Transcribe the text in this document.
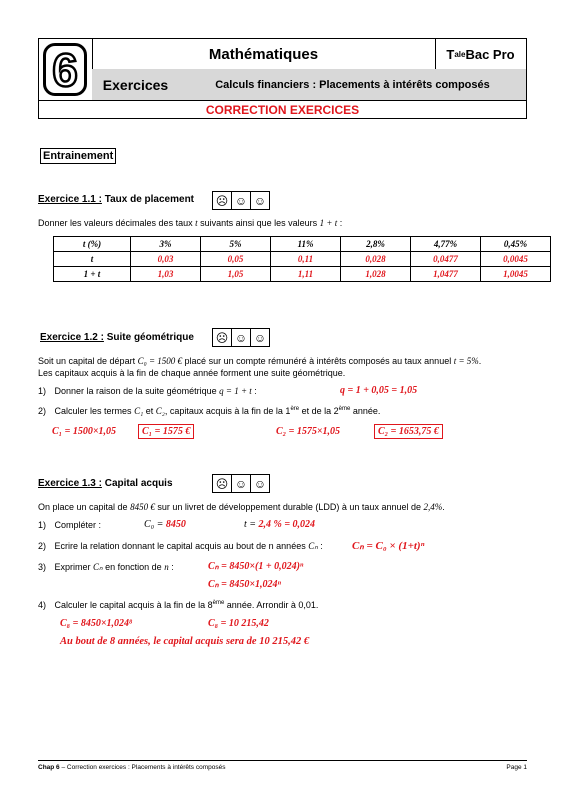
6	Mathématiques	T ale Bac Pro
Exercices	Calculs financiers : Placements à intérêts composés
CORRECTION EXERCICES
Entrainement
Exercice 1.1 : Taux de placement ☹ ☺ ☺
Donner les valeurs décimales des taux t suivants ainsi que les valeurs 1 + t :
t (%)	3%	5%	11%	2,8%	4,77%	0,45%
t	0,03	0,05	0,11	0,028	0,0477	0,0045
1 + t	1,03	1,05	1,11	1,028	1,0477	1,0045
Exercice 1.2 : Suite géométrique ☹ ☺ ☺
Soit un capital de départ C₀ = 1500 € placé sur un compte rémunéré à intérêts composés au taux annuel t = 5%.
Les capitaux acquis à la fin de chaque année forment une suite géométrique.
1) Donner la raison de la suite géométrique q = 1 + t :	q = 1 + 0,05 = 1,05
2) Calculer les termes C₁ et C₂, capitaux acquis à la fin de la 1ère et de la 2ème année.
C₁ = 1500×1,05	C₁ = 1575 €	C₂ = 1575×1,05	C₂ = 1653,75 €
Exercice 1.3 : Capital acquis	☹ ☺ ☺
On place un capital de 8450 € sur un livret de développement durable (LDD) à un taux annuel de 2,4%.
1) Compléter :	C₀ = 8450	t = 2,4 % = 0,024
2) Ecrire la relation donnant le capital acquis au bout de n années Cₙ :	Cₙ = C₀ × (1+t)ⁿ
3) Exprimer Cₙ en fonction de n :	Cₙ = 8450×(1 + 0,024)ⁿ
Cₙ = 8450×1,024ⁿ
4) Calculer le capital acquis à la fin de la 8ème année. Arrondir à 0,01.
C₈ = 8450×1,024⁸	C₈ = 10 215,42
Au bout de 8 années, le capital acquis sera de 10 215,42 €
Chap 6 – Correction exercices : Placements à intérêts composés	Page 1
